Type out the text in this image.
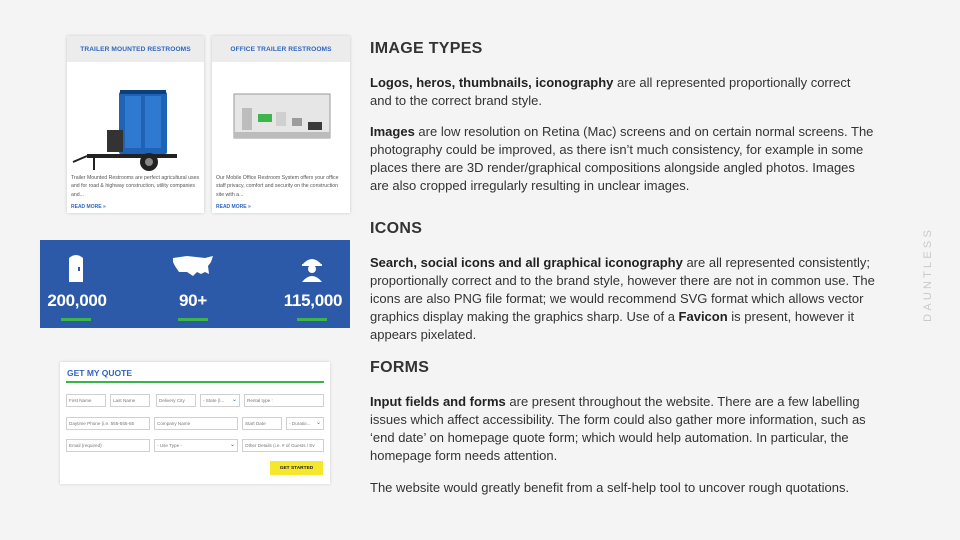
TRAILER MOUNTED RESTROOMS
Trailer Mounted Restrooms are perfect agricultural uses and for road & highway construction, utility companies and...
READ MORE »
OFFICE TRAILER RESTROOMS
Our Mobile Office Restroom System offers your office staff privacy, comfort and security on the construction site with a...
READ MORE »
200,000	90+	115,000
GET MY QUOTE
First Name	Last Name	Delivery City	- State (l... ⌄	Rental type :
Daytime Phone (i.e. 555-555-55	Company Name	Start Date	- Duratio... ⌄
Email (required)	- Use Type -	⌄	Other Details (i.e. # of Guests / Ev
GET STARTED
IMAGE TYPES
Logos, heros, thumbnails, iconography are all represented proportionally correct and to the correct brand style.
Images are low resolution on Retina (Mac) screens and on certain normal screens. The photography could be improved, as there isn’t much consistency, for example in some places there are 3D render/graphical compositions alongside angled photos. Images are also cropped irregularly resulting in unclear images.
ICONS
Search, social icons and all graphical iconography are all represented consistently; proportionally correct and to the brand style, however there are not in common use. The icons are also PNG file format; we would recommend SVG format which allows vector graphics display making the graphics sharp. Use of a Favicon is present, however it appears pixelated.
FORMS
Input fields and forms are present throughout the website. There are a few labelling issues which affect accessibility. The form could also gather more information, such as ‘end date’ on homepage quote form; which would help automation. In particular, the homepage form needs attention.
The website would greatly benefit from a self-help tool to uncover rough quotations.
DAUNTLESS
